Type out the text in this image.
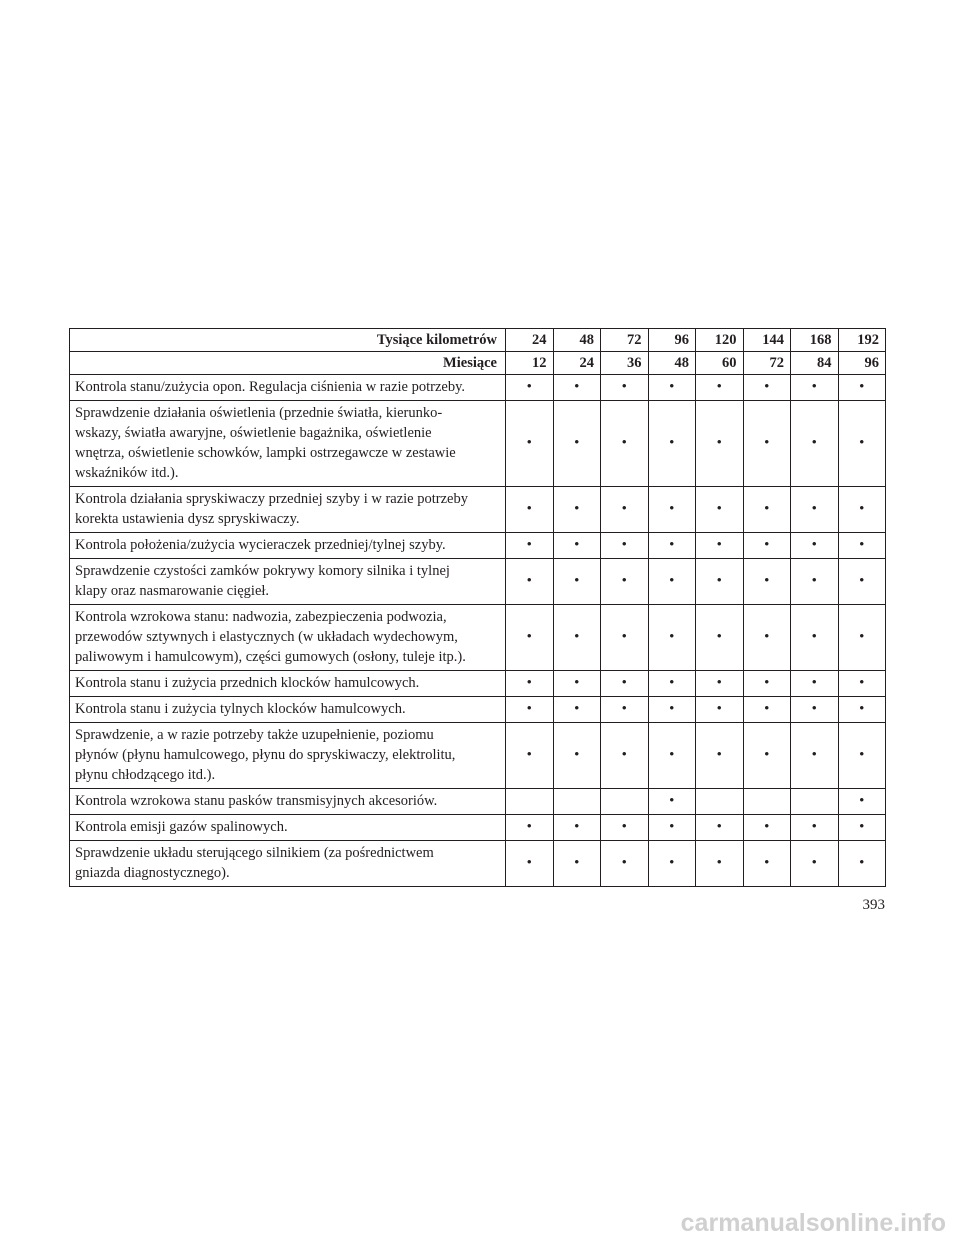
Tysiące kilometrów	24	48	72	96	120	144	168	192
Miesiące	12	24	36	48	60	72	84	96
Kontrola stanu/zużycia opon. Regulacja ciśnienia w razie potrzeby.	•	•	•	•	•	•	•	•
Sprawdzenie działania oświetlenia (przednie światła, kierunko-
wskazy, światła awaryjne, oświetlenie bagażnika, oświetlenie
wnętrza, oświetlenie schowków, lampki ostrzegawcze w zestawie
wskaźników itd.).	•	•	•	•	•	•	•	•
Kontrola działania spryskiwaczy przedniej szyby i w razie potrzeby
korekta ustawienia dysz spryskiwaczy.	•	•	•	•	•	•	•	•
Kontrola położenia/zużycia wycieraczek przedniej/tylnej szyby.	•	•	•	•	•	•	•	•
Sprawdzenie czystości zamków pokrywy komory silnika i tylnej
klapy oraz nasmarowanie cięgieł.	•	•	•	•	•	•	•	•
Kontrola wzrokowa stanu: nadwozia, zabezpieczenia podwozia,
przewodów sztywnych i elastycznych (w układach wydechowym,
paliwowym i hamulcowym), części gumowych (osłony, tuleje itp.).	•	•	•	•	•	•	•	•
Kontrola stanu i zużycia przednich klocków hamulcowych.	•	•	•	•	•	•	•	•
Kontrola stanu i zużycia tylnych klocków hamulcowych.	•	•	•	•	•	•	•	•
Sprawdzenie, a w razie potrzeby także uzupełnienie, poziomu
płynów (płynu hamulcowego, płynu do spryskiwaczy, elektrolitu,
płynu chłodzącego itd.).	•	•	•	•	•	•	•	•
Kontrola wzrokowa stanu pasków transmisyjnych akcesoriów.				•				•
Kontrola emisji gazów spalinowych.	•	•	•	•	•	•	•	•
Sprawdzenie układu sterującego silnikiem (za pośrednictwem
gniazda diagnostycznego).	•	•	•	•	•	•	•	•
393
carmanualsonline.info
